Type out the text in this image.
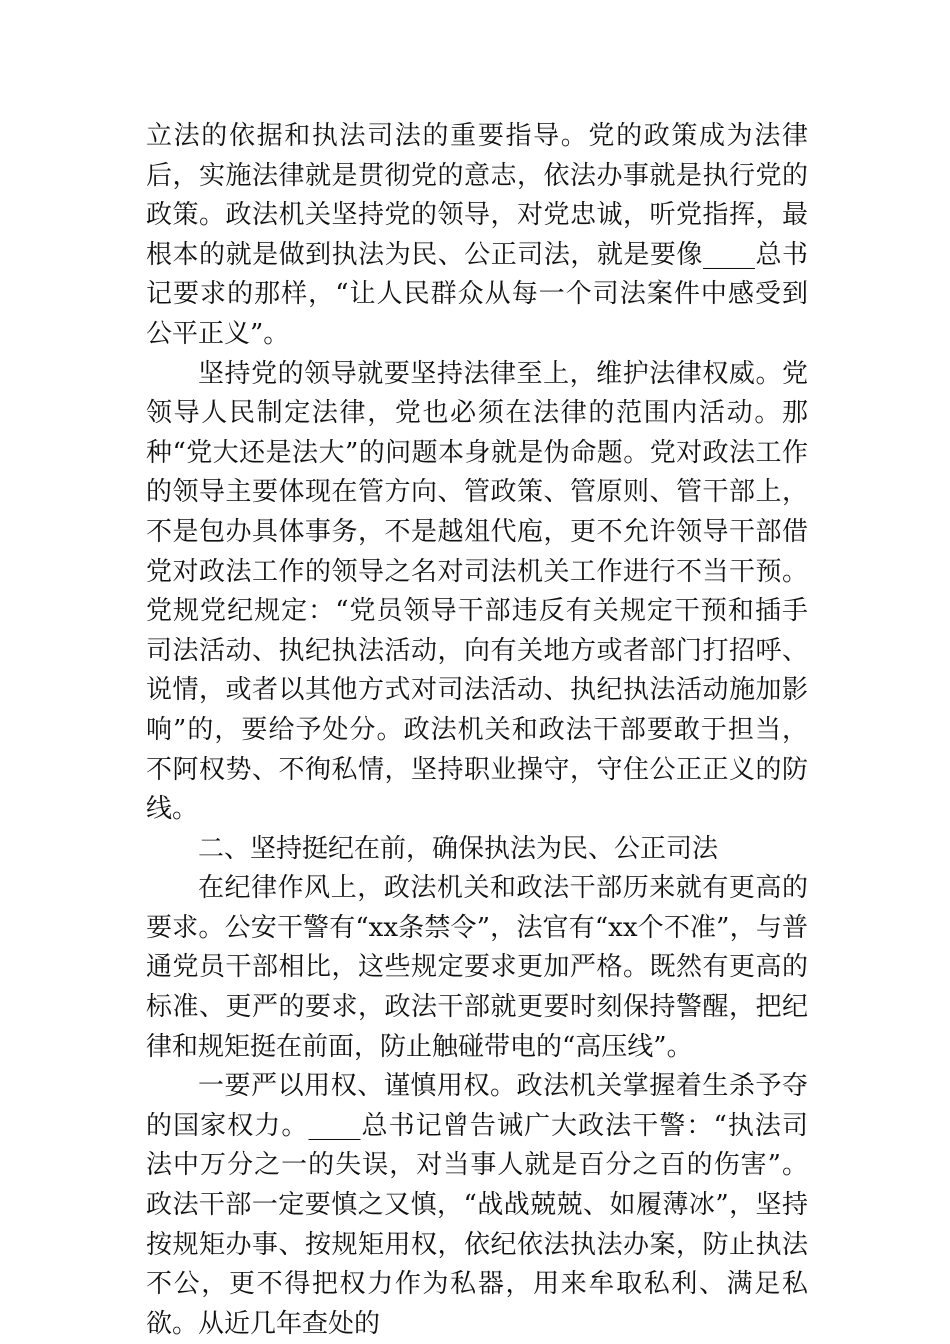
立法的依据和执法司法的重要指导。党的政策成为法律后，实施法律就是贯彻党的意志，依法办事就是执行党的政策。政法机关坚持党的领导，对党忠诚，听党指挥，最根本的就是做到执法为民、公正司法，就是要像____总书记要求的那样，“让人民群众从每一个司法案件中感受到公平正义”。

坚持党的领导就要坚持法律至上，维护法律权威。党领导人民制定法律，党也必须在法律的范围内活动。那种“党大还是法大”的问题本身就是伪命题。党对政法工作的领导主要体现在管方向、管政策、管原则、管干部上，不是包办具体事务，不是越俎代庖，更不允许领导干部借党对政法工作的领导之名对司法机关工作进行不当干预。党规党纪规定：“党员领导干部违反有关规定干预和插手司法活动、执纪执法活动，向有关地方或者部门打招呼、说情，或者以其他方式对司法活动、执纪执法活动施加影响”的，要给予处分。政法机关和政法干部要敢于担当，不阿权势、不徇私情，坚持职业操守，守住公正正义的防线。

二、坚持挺纪在前，确保执法为民、公正司法

在纪律作风上，政法机关和政法干部历来就有更高的要求。公安干警有“xx条禁令”，法官有“xx个不准”，与普通党员干部相比，这些规定要求更加严格。既然有更高的标准、更严的要求，政法干部就更要时刻保持警醒，把纪律和规矩挺在前面，防止触碰带电的“高压线”。

一要严以用权、谨慎用权。政法机关掌握着生杀予夺的国家权力。____总书记曾告诫广大政法干警：“执法司法中万分之一的失误，对当事人就是百分之百的伤害”。政法干部一定要慎之又慎，“战战兢兢、如履薄冰”，坚持按规矩办事、按规矩用权，依纪依法执法办案，防止执法不公，更不得把权力作为私器，用来牟取私利、满足私欲。从近几年查处的
